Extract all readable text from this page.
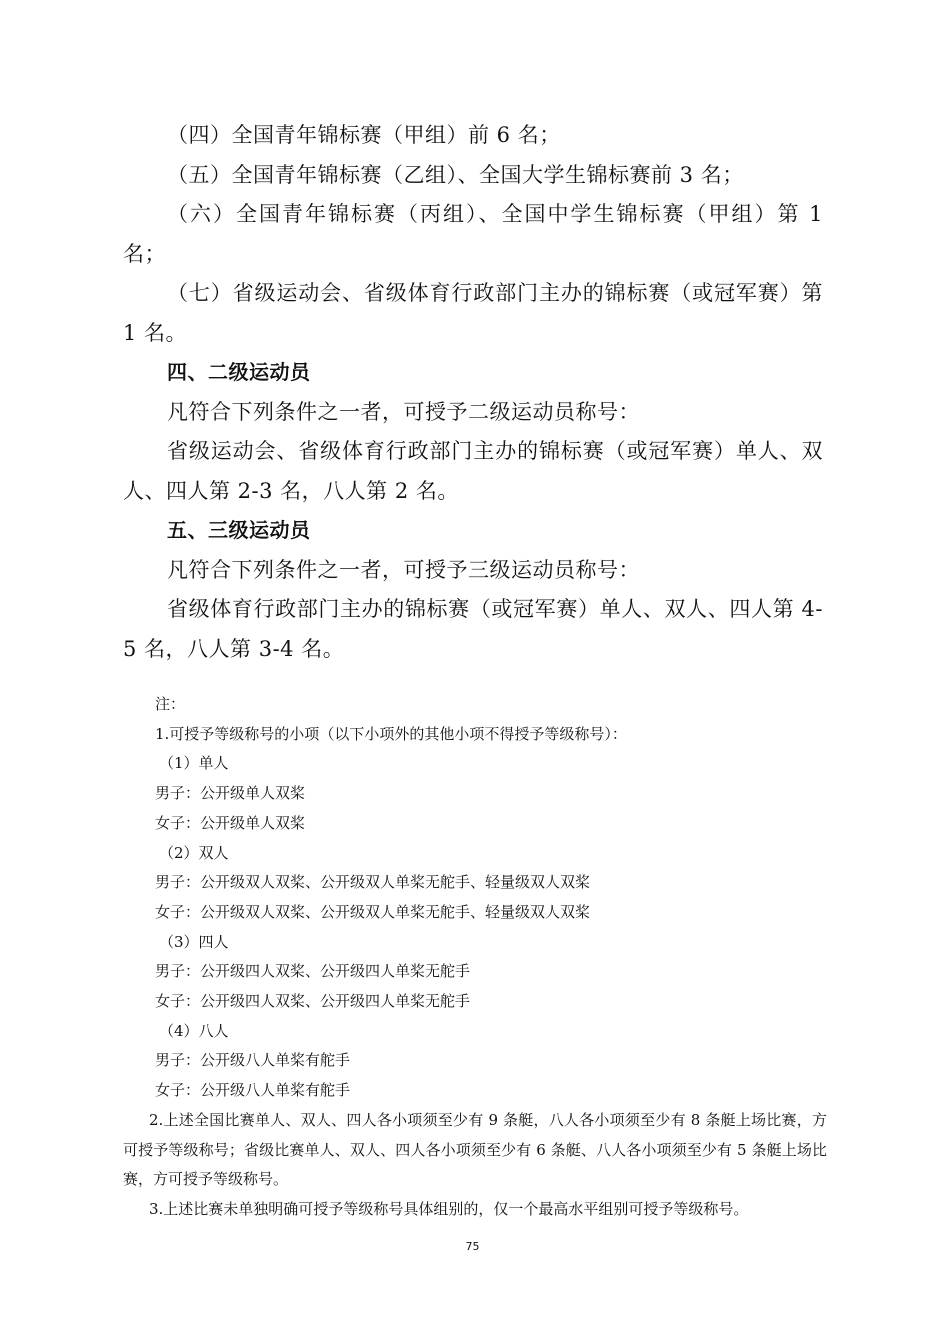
（四）全国青年锦标赛（甲组）前 6 名；

（五）全国青年锦标赛（乙组）、全国大学生锦标赛前 3 名；

（六）全国青年锦标赛（丙组）、全国中学生锦标赛（甲组）第 1 名；

（七）省级运动会、省级体育行政部门主办的锦标赛（或冠军赛）第 1 名。

四、二级运动员

凡符合下列条件之一者，可授予二级运动员称号：

省级运动会、省级体育行政部门主办的锦标赛（或冠军赛）单人、双人、四人第 2-3 名，八人第 2 名。

五、三级运动员

凡符合下列条件之一者，可授予三级运动员称号：

省级体育行政部门主办的锦标赛（或冠军赛）单人、双人、四人第 4-5 名，八人第 3-4 名。

注：

1.可授予等级称号的小项（以下小项外的其他小项不得授予等级称号）：

（1）单人

男子：公开级单人双桨

女子：公开级单人双桨

（2）双人

男子：公开级双人双桨、公开级双人单桨无舵手、轻量级双人双桨

女子：公开级双人双桨、公开级双人单桨无舵手、轻量级双人双桨

（3）四人

男子：公开级四人双桨、公开级四人单桨无舵手

女子：公开级四人双桨、公开级四人单桨无舵手

（4）八人

男子：公开级八人单桨有舵手

女子：公开级八人单桨有舵手

2.上述全国比赛单人、双人、四人各小项须至少有 9 条艇，八人各小项须至少有 8 条艇上场比赛，方可授予等级称号；省级比赛单人、双人、四人各小项须至少有 6 条艇、八人各小项须至少有 5 条艇上场比赛，方可授予等级称号。

3.上述比赛未单独明确可授予等级称号具体组别的，仅一个最高水平组别可授予等级称号。

75
